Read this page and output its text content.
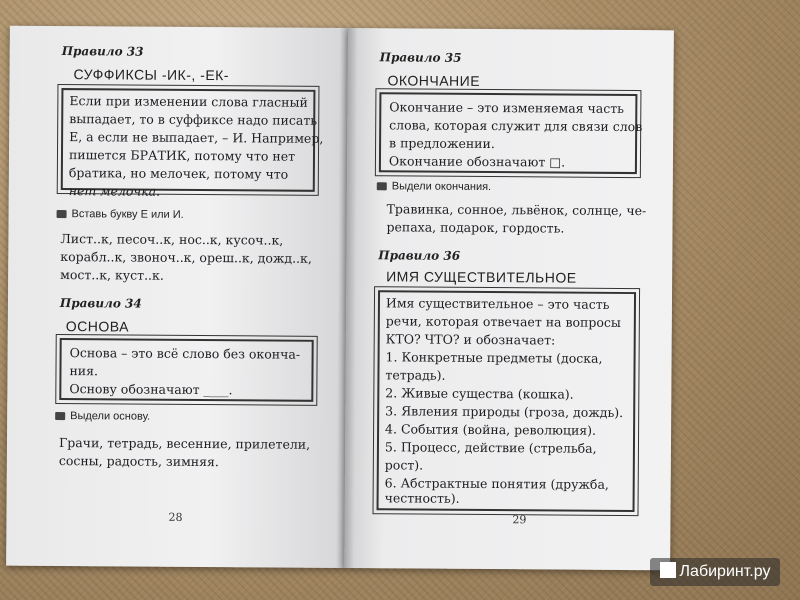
Правило 33
СУФФИКСЫ -ИК-, -ЕК-
Если при изменении слова гласный
выпадает, то в суффиксе надо писать
Е, а если не выпадает, – И. Например,
пишется БРАТИК, потому что нет
братика, но мелочек, потому что
нет мелочка.
Вставь букву Е или И.
Лист..к, песоч..к, нос..к, кусоч..к,
корабл..к, звоноч..к, ореш..к, дожд..к,
мост..к, куст..к.
Правило 34
ОСНОВА
Основа – это всё слово без оконча-
ния.
Основу обозначают ____.
Выдели основу.
Грачи, тетрадь, весенние, прилетели,
сосны, радость, зимняя.
28
Правило 35
ОКОНЧАНИЕ
Окончание – это изменяемая часть
слова, которая служит для связи слов
в предложении.
Окончание обозначают □.
Выдели окончания.
Травинка, сонное, львёнок, солнце, че-
репаха, подарок, гордость.
Правило 36
ИМЯ СУЩЕСТВИТЕЛЬНОЕ
Имя существительное – это часть
речи, которая отвечает на вопросы
КТО? ЧТО? и обозначает:
1. Конкретные предметы (доска,
тетрадь).
2. Живые существа (кошка).
3. Явления природы (гроза, дождь).
4. События (война, революция).
5. Процесс, действие (стрельба,
рост).
6. Абстрактные понятия (дружба,
честность).
29
Лабиринт.ру
